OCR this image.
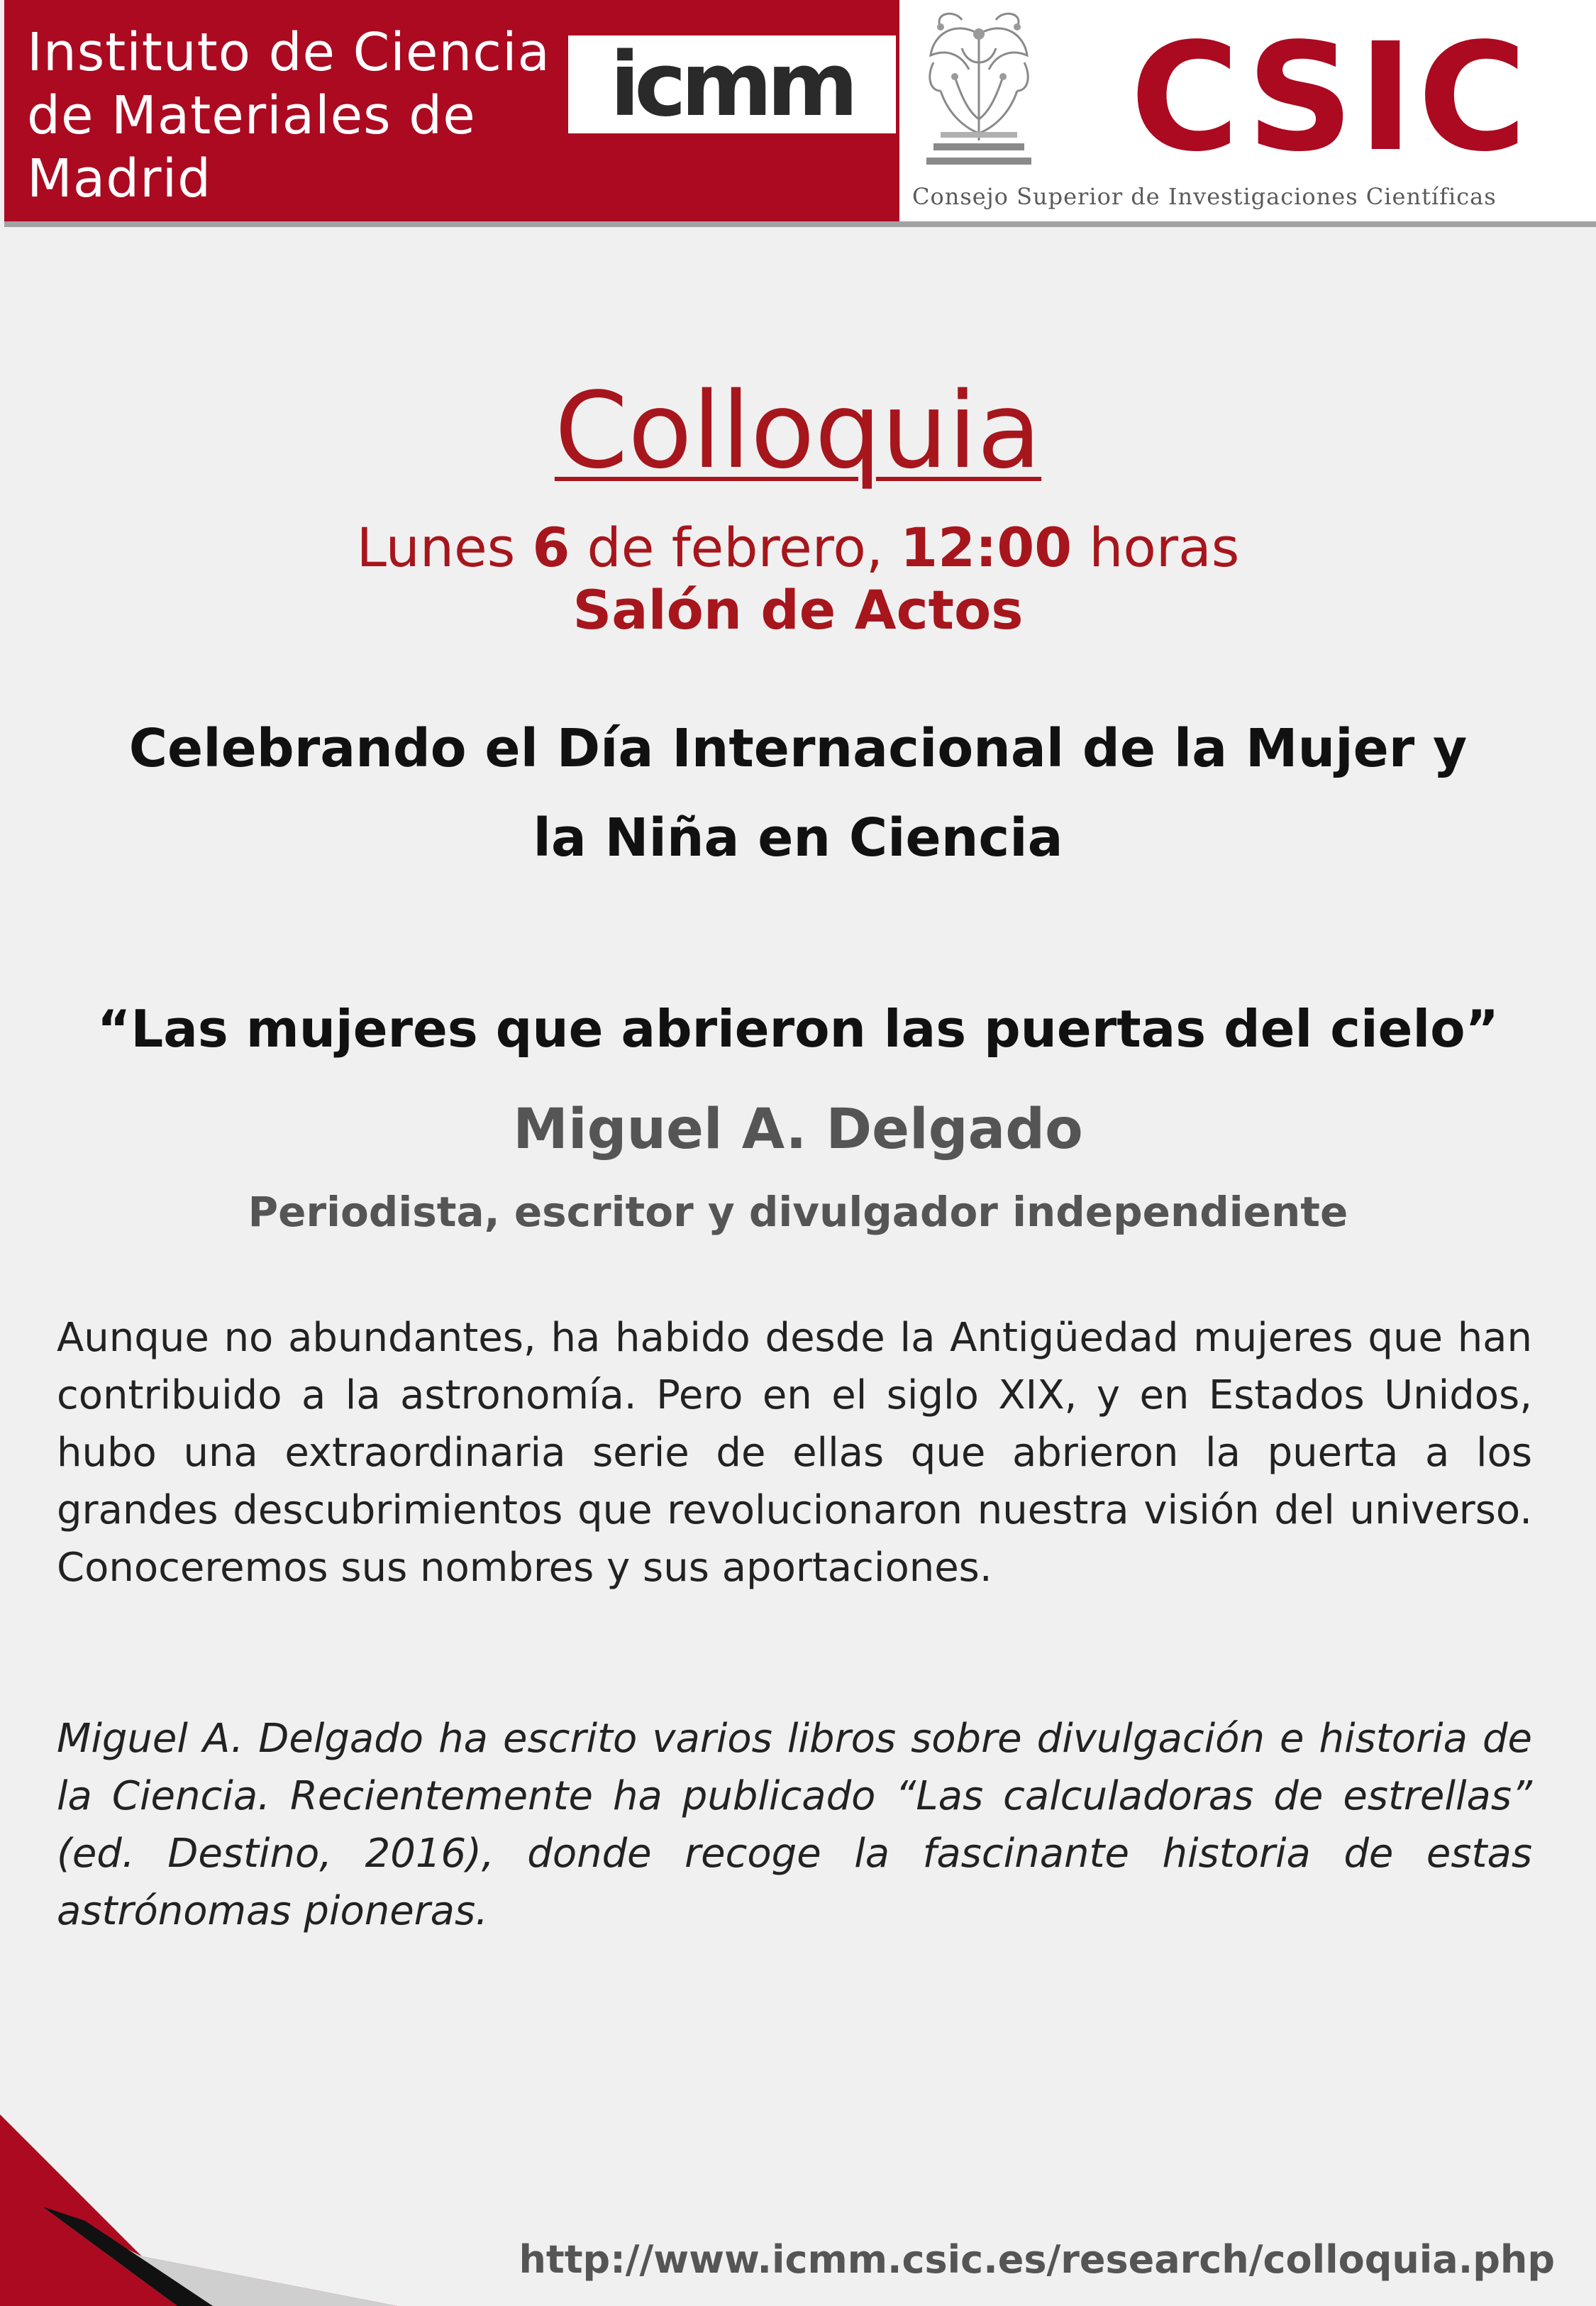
Instituto de Ciencia de Materiales de Madrid
icmm CSIC
Consejo Superior de Investigaciones Científicas
Colloquia
Lunes 6 de febrero, 12:00 horas
Salón de Actos
Celebrando el Día Internacional de la Mujer y la Niña en Ciencia
“Las mujeres que abrieron las puertas del cielo”
Miguel A. Delgado
Periodista, escritor y divulgador independiente
Aunque no abundantes, ha habido desde la Antigüedad mujeres que han contribuido a la astronomía. Pero en el siglo XIX, y en Estados Unidos, hubo una extraordinaria serie de ellas que abrieron la puerta a los grandes descubrimientos que revolucionaron nuestra visión del universo. Conoceremos sus nombres y sus aportaciones.
Miguel A. Delgado ha escrito varios libros sobre divulgación e historia de la Ciencia. Recientemente ha publicado “Las calculadoras de estrellas” (ed. Destino, 2016), donde recoge la fascinante historia de estas astrónomas pioneras.
http://www.icmm.csic.es/research/colloquia.php
